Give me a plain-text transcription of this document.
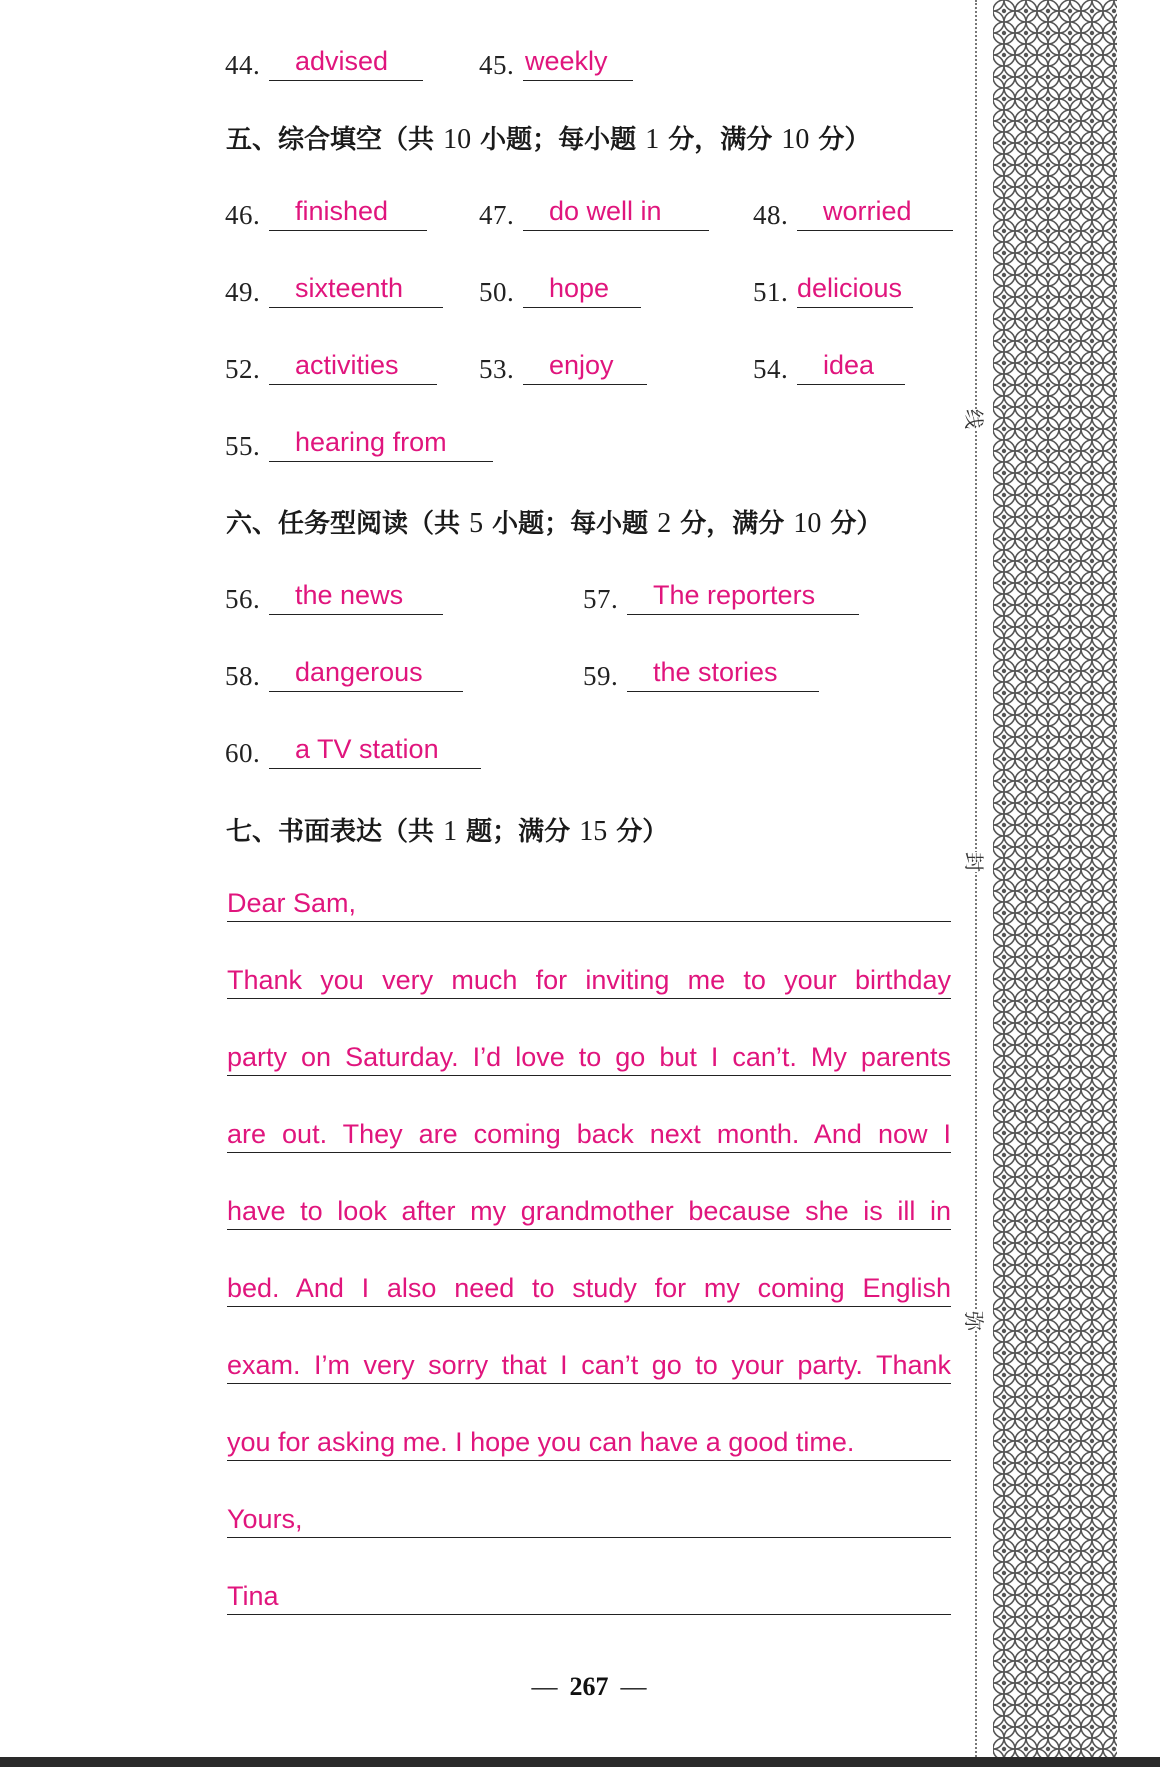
44. advised	45. weekly
五、综合填空（共 10 小题；每小题 1 分，满分 10 分）
46. finished	47. do well in	48. worried
49. sixteenth	50. hope	51. delicious
52. activities	53. enjoy	54. idea
55. hearing from
六、任务型阅读（共 5 小题；每小题 2 分，满分 10 分）
56. the news	57. The reporters
58. dangerous	59. the stories
60. a TV station
七、书面表达（共 1 题；满分 15 分）
Dear Sam,
Thank you very much for inviting me to your birthday
party on Saturday. I’d love to go but I can’t. My parents
are out. They are coming back next month. And now I
have to look after my grandmother because she is ill in
bed. And I also need to study for my coming English
exam. I’m very sorry that I can’t go to your party. Thank
you for asking me. I hope you can have a good time.
Yours,
Tina
— 267 —
线
封
弥
